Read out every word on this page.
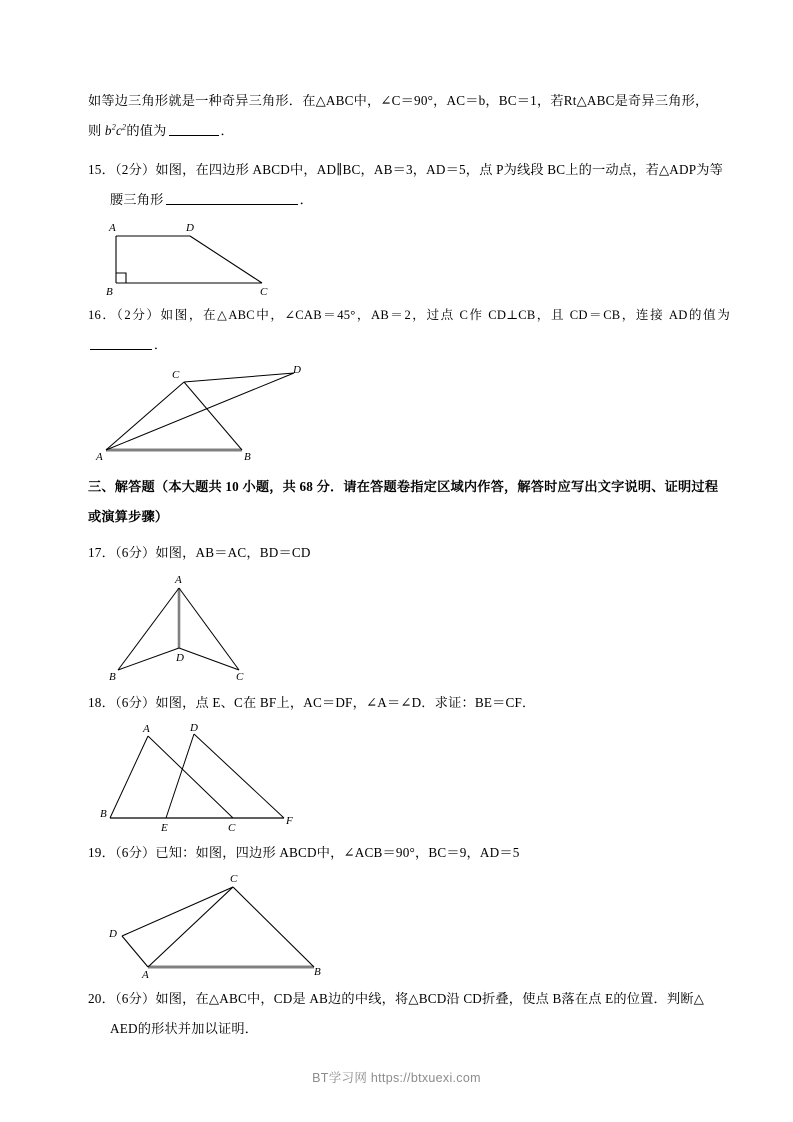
如等边三角形就是一种奇异三角形．在△ABC中，∠C＝90°，AC＝b，BC＝1，若Rt△ABC是奇异三角形，
则 $b^2c^2$的值为	．
15．（2分）如图，在四边形 ABCD中，AD∥BC，AB＝3，AD＝5，点 P为线段 BC上的一动点，若△ADP为等
腰三角形	．
A	D
B	C
16．（2分）如图，在△ABC中，∠CAB＝45°，AB＝2，过点 C作 CD⊥CB，且 CD＝CB，连接 AD的值为．
A	B
C	D
三、解答题（本大题共 10 小题，共 68 分．请在答题卷指定区域内作答，解答时应写出文字说明、证明过程
或演算步骤）
17．（6分）如图，AB＝AC，BD＝CD
A
D
B	C
18．（6分）如图，点 E、C在 BF上，AC＝DF，∠A＝∠D．求证：BE＝CF．
B
E	C
F
A	D
19．（6分）已知：如图，四边形 ABCD中，∠ACB＝90°，BC＝9，AD＝5
D
A	B
C
20．（6分）如图，在△ABC中，CD是 AB边的中线，将△BCD沿 CD折叠，使点 B落在点 E的位置．判断△
AED的形状并加以证明．
BT学习网 https://btxuexi.com
